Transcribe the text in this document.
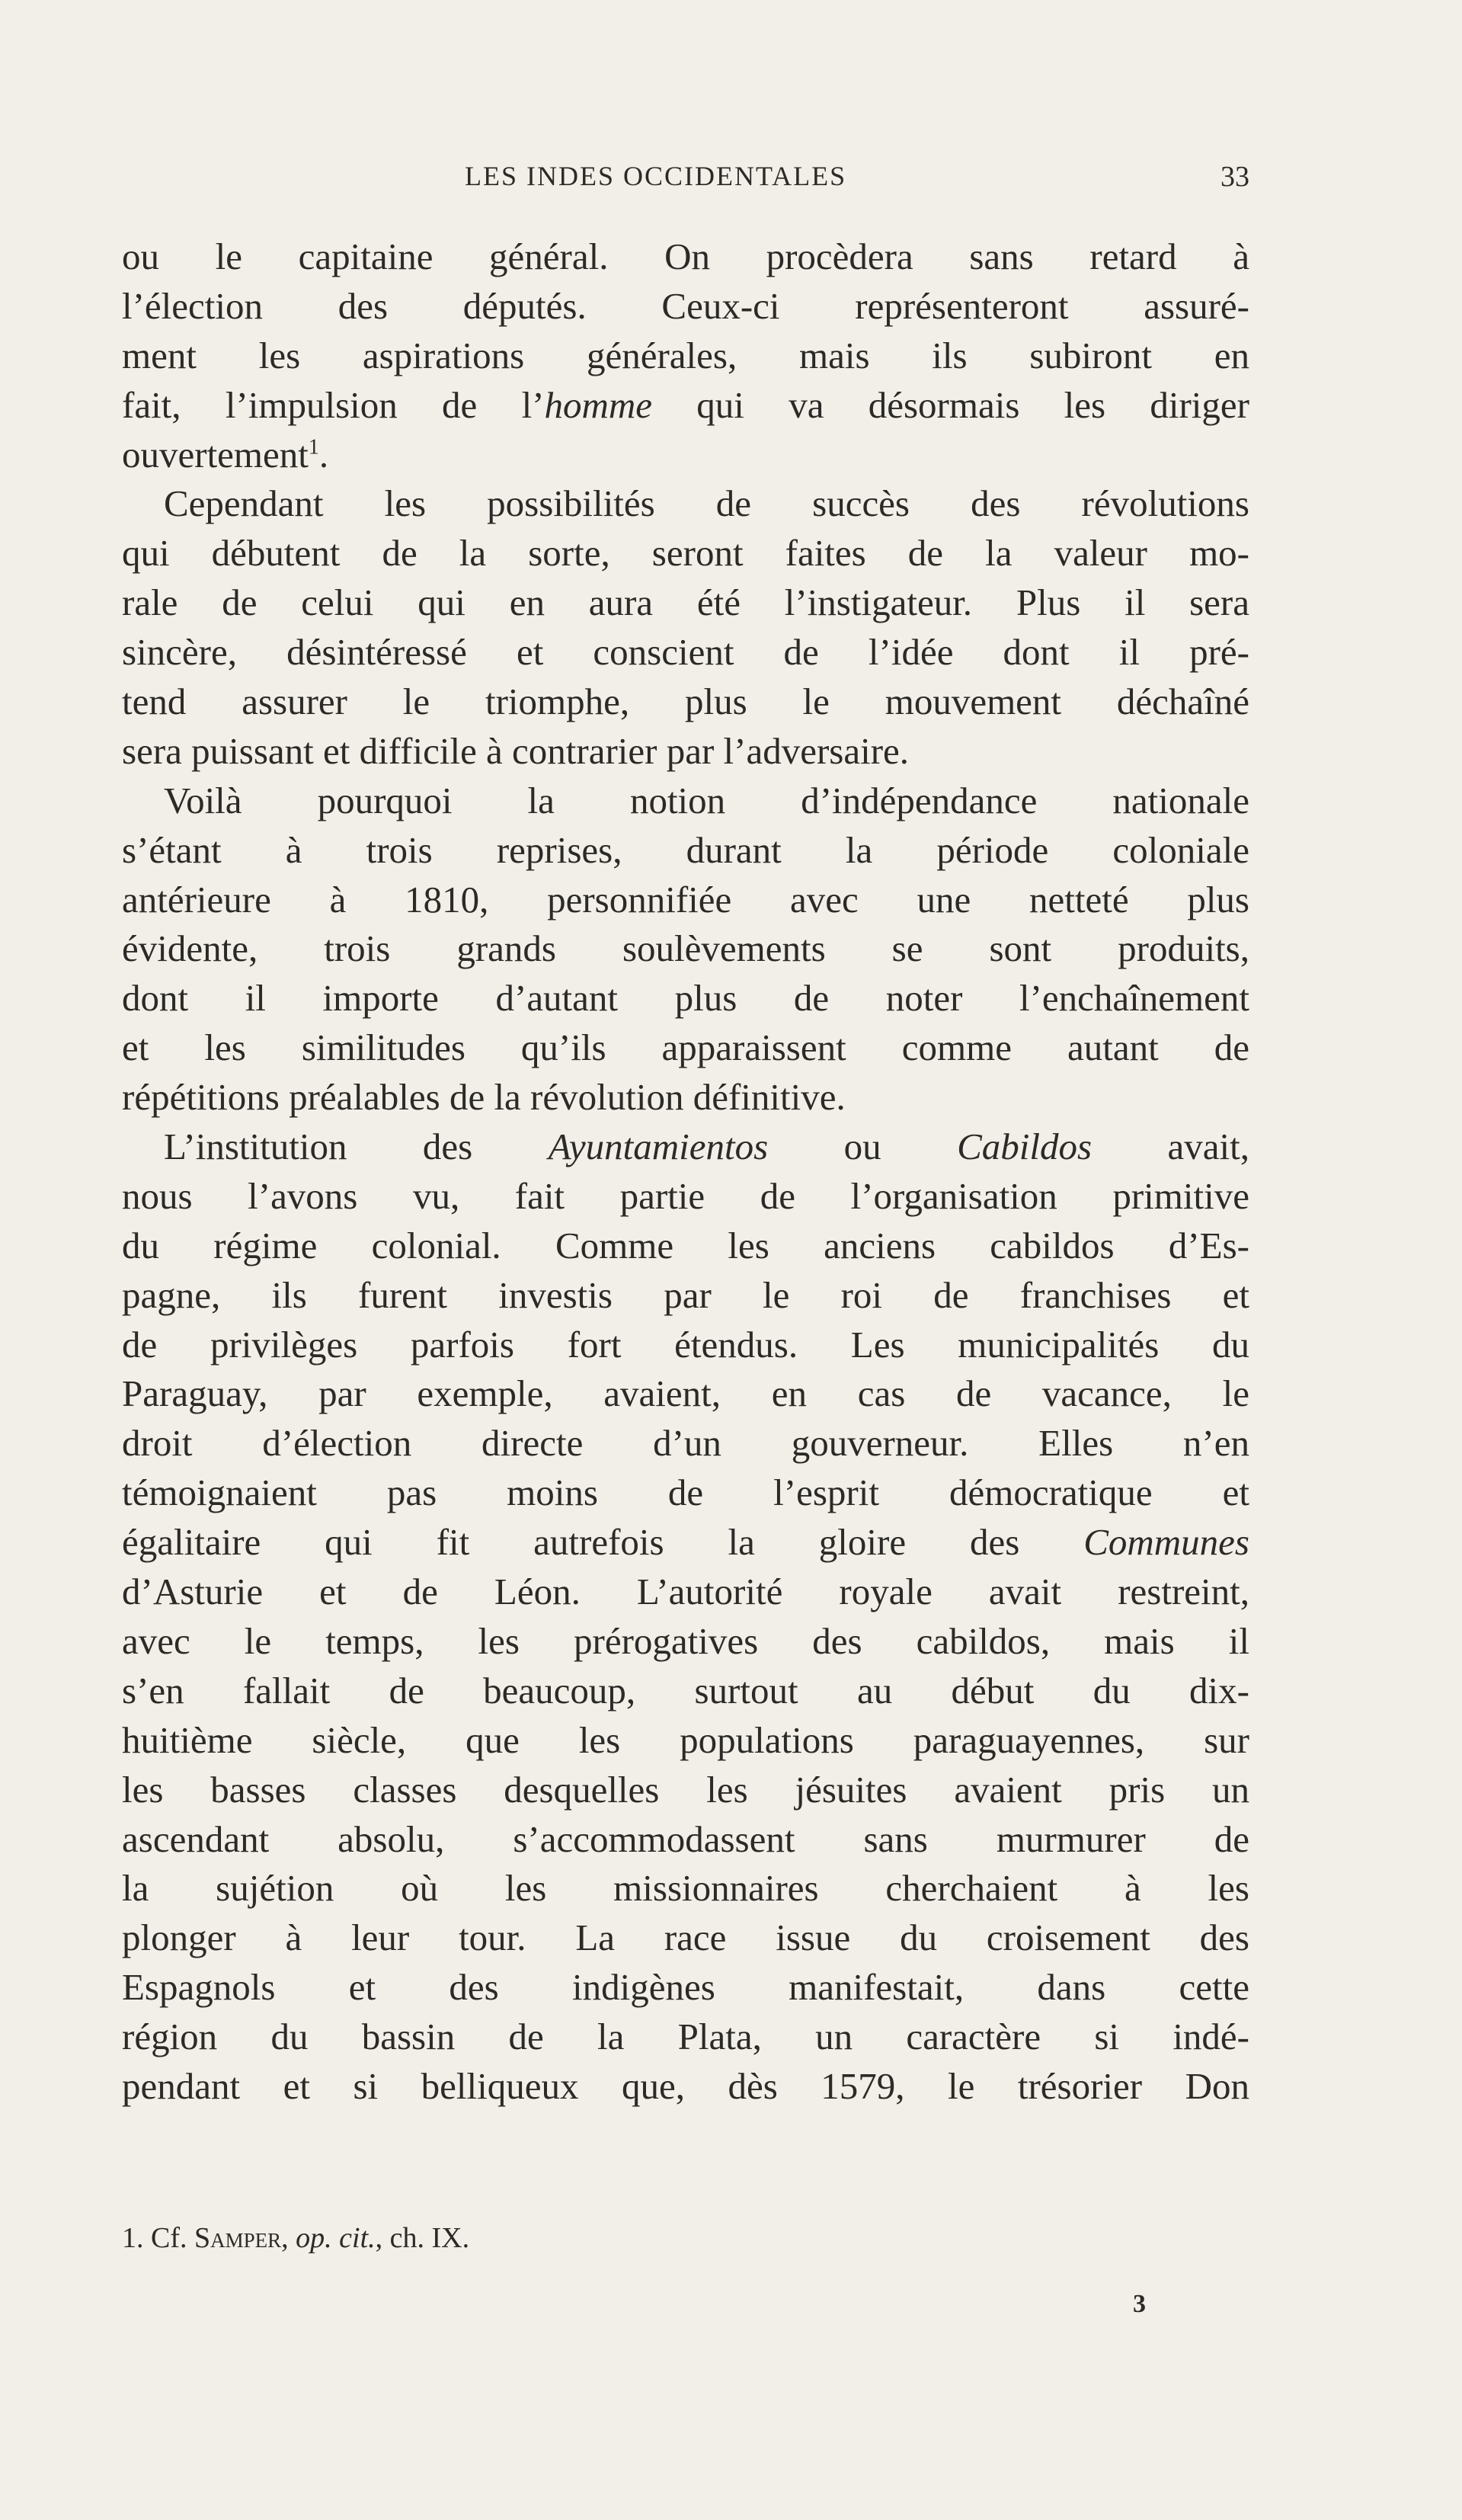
LES INDES OCCIDENTALES	33
ou le capitaine général. On procèdera sans retard à
l’élection des députés. Ceux-ci représenteront assuré-
ment les aspirations générales, mais ils subiront en
fait, l’impulsion de l’homme qui va désormais les diriger
ouvertement$^1$.
Cependant les possibilités de succès des révolutions
qui débutent de la sorte, seront faites de la valeur mo-
rale de celui qui en aura été l’instigateur. Plus il sera
sincère, désintéressé et conscient de l’idée dont il pré-
tend assurer le triomphe, plus le mouvement déchaîné
sera puissant et difficile à contrarier par l’adversaire.
Voilà pourquoi la notion d’indépendance nationale
s’étant à trois reprises, durant la période coloniale
antérieure à 1810, personnifiée avec une netteté plus
évidente, trois grands soulèvements se sont produits,
dont il importe d’autant plus de noter l’enchaînement
et les similitudes qu’ils apparaissent comme autant de
répétitions préalables de la révolution définitive.
L’institution des Ayuntamientos ou Cabildos avait,
nous l’avons vu, fait partie de l’organisation primitive
du régime colonial. Comme les anciens cabildos d’Es-
pagne, ils furent investis par le roi de franchises et
de privilèges parfois fort étendus. Les municipalités du
Paraguay, par exemple, avaient, en cas de vacance, le
droit d’élection directe d’un gouverneur. Elles n’en
témoignaient pas moins de l’esprit démocratique et
égalitaire qui fit autrefois la gloire des Communes
d’Asturie et de Léon. L’autorité royale avait restreint,
avec le temps, les prérogatives des cabildos, mais il
s’en fallait de beaucoup, surtout au début du dix-
huitième siècle, que les populations paraguayennes, sur
les basses classes desquelles les jésuites avaient pris un
ascendant absolu, s’accommodassent sans murmurer de
la sujétion où les missionnaires cherchaient à les
plonger à leur tour. La race issue du croisement des
Espagnols et des indigènes manifestait, dans cette
région du bassin de la Plata, un caractère si indé-
pendant et si belliqueux que, dès 1579, le trésorier Don
1. Cf. Samper, op. cit., ch. IX.
3
